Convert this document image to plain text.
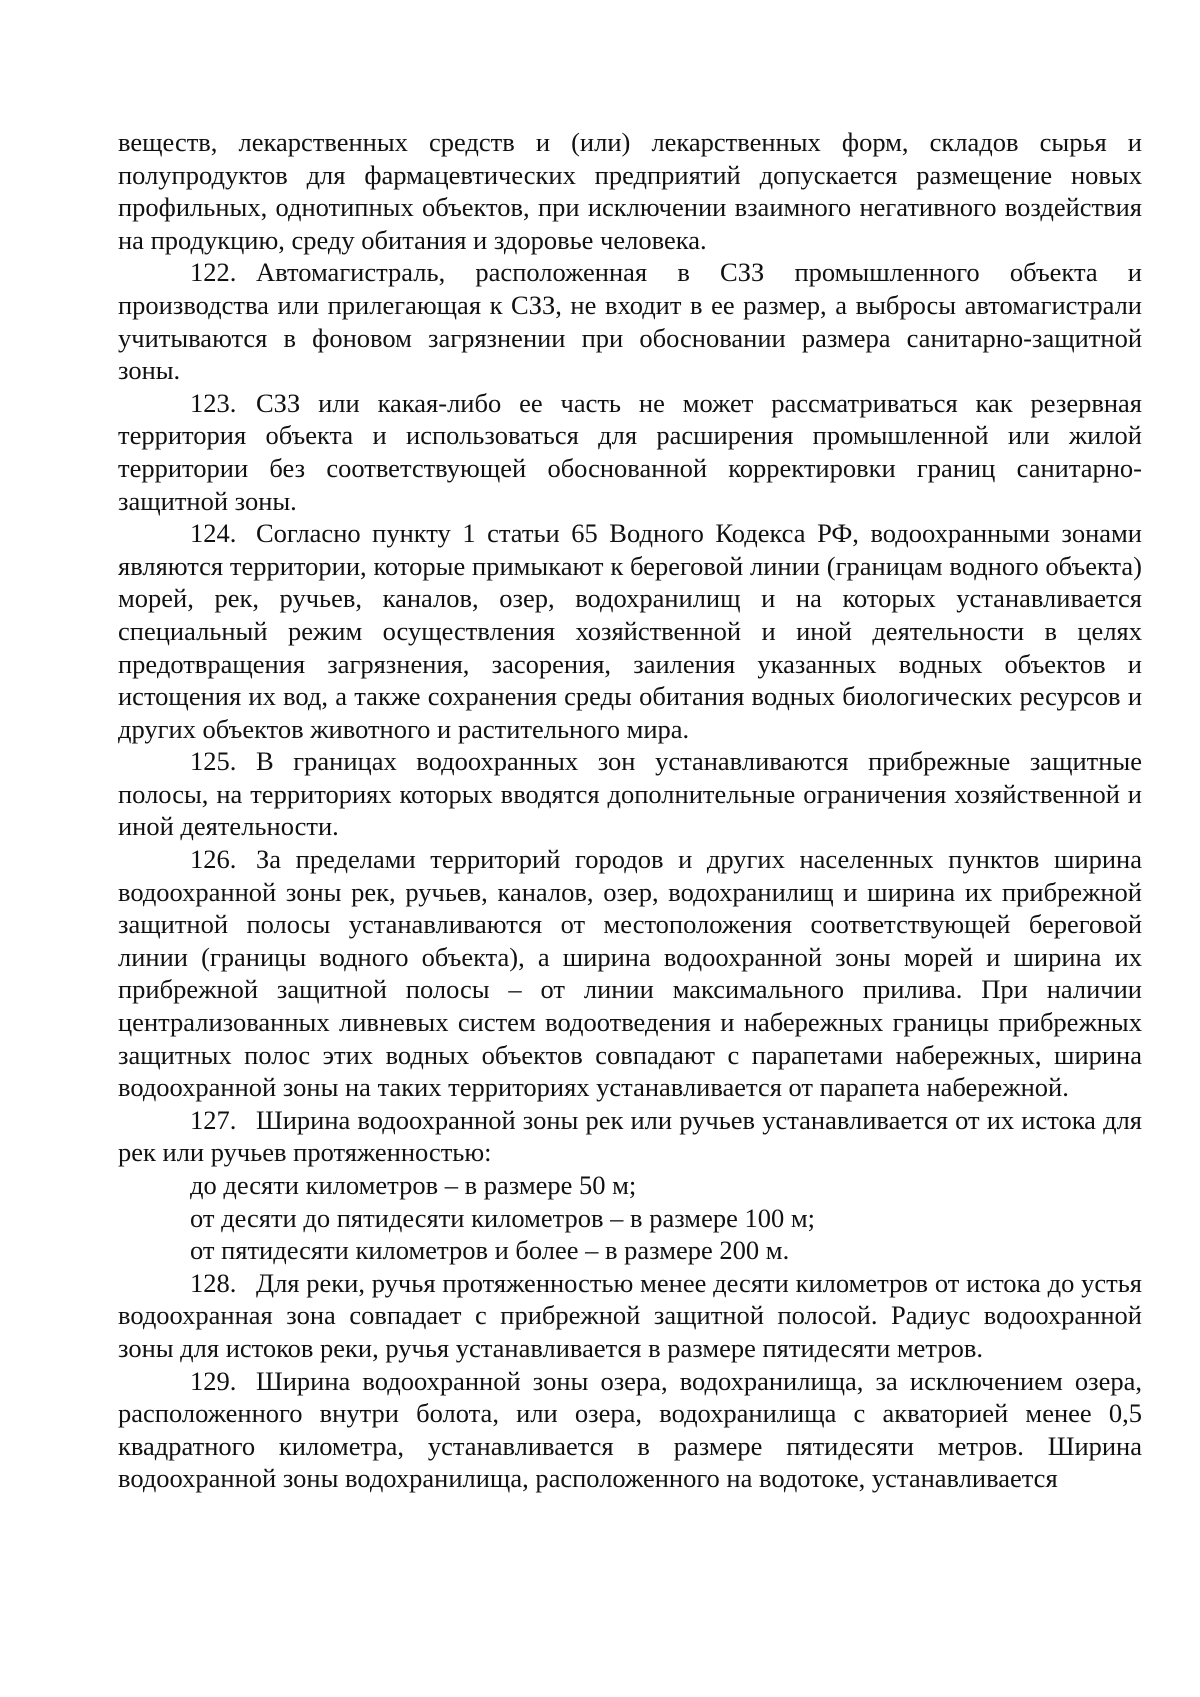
веществ, лекарственных средств и (или) лекарственных форм, складов сырья и полупродуктов для фармацевтических предприятий допускается размещение новых профильных, однотипных объектов, при исключении взаимного негативного воздействия на продукцию, среду обитания и здоровье человека.

122. Автомагистраль, расположенная в СЗЗ промышленного объекта и производства или прилегающая к СЗЗ, не входит в ее размер, а выбросы автомагистрали учитываются в фоновом загрязнении при обосновании размера санитарно-защитной зоны.

123. СЗЗ или какая-либо ее часть не может рассматриваться как резервная территория объекта и использоваться для расширения промышленной или жилой территории без соответствующей обоснованной корректировки границ санитарно-защитной зоны.

124. Согласно пункту 1 статьи 65 Водного Кодекса РФ, водоохранными зонами являются территории, которые примыкают к береговой линии (границам водного объекта) морей, рек, ручьев, каналов, озер, водохранилищ и на которых устанавливается специальный режим осуществления хозяйственной и иной деятельности в целях предотвращения загрязнения, засорения, заиления указанных водных объектов и истощения их вод, а также сохранения среды обитания водных биологических ресурсов и других объектов животного и растительного мира.

125. В границах водоохранных зон устанавливаются прибрежные защитные полосы, на территориях которых вводятся дополнительные ограничения хозяйственной и иной деятельности.

126. За пределами территорий городов и других населенных пунктов ширина водоохранной зоны рек, ручьев, каналов, озер, водохранилищ и ширина их прибрежной защитной полосы устанавливаются от местоположения соответствующей береговой линии (границы водного объекта), а ширина водоохранной зоны морей и ширина их прибрежной защитной полосы – от линии максимального прилива. При наличии централизованных ливневых систем водоотведения и набережных границы прибрежных защитных полос этих водных объектов совпадают с парапетами набережных, ширина водоохранной зоны на таких территориях устанавливается от парапета набережной.

127. Ширина водоохранной зоны рек или ручьев устанавливается от их истока для рек или ручьев протяженностью:

до десяти километров – в размере 50 м;

от десяти до пятидесяти километров – в размере 100 м;

от пятидесяти километров и более – в размере 200 м.

128. Для реки, ручья протяженностью менее десяти километров от истока до устья водоохранная зона совпадает с прибрежной защитной полосой. Радиус водоохранной зоны для истоков реки, ручья устанавливается в размере пятидесяти метров.

129. Ширина водоохранной зоны озера, водохранилища, за исключением озера, расположенного внутри болота, или озера, водохранилища с акваторией менее 0,5 квадратного километра, устанавливается в размере пятидесяти метров. Ширина водоохранной зоны водохранилища, расположенного на водотоке, устанавливается
